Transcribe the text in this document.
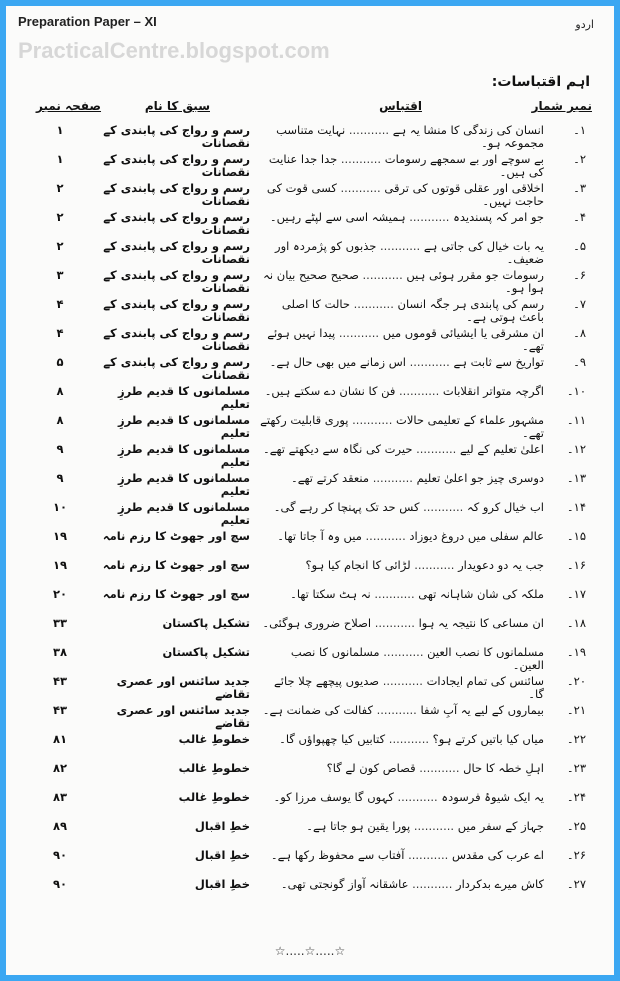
Preparation Paper – XI	اردو
PracticalCentre.blogspot.com
اہم اقتباسات:
نمبر شمار
اقتباس
سبق کا نام
صفحہ نمبر
۱۔
انسان کی زندگی کا منشا یہ ہے ........... نہایت متناسب مجموعہ ہو۔
رسم و رواج کی پابندی کے نقصانات
۱
۲۔
بے سوچے اور بے سمجھے رسومات ........... جدا جدا عنایت کی ہیں۔
رسم و رواج کی پابندی کے نقصانات
۱
۳۔
اخلاقی اور عقلی قوتوں کی ترقی ........... کسی قوت کی حاجت نہیں۔
رسم و رواج کی پابندی کے نقصانات
۲
۴۔
جو امر کہ پسندیدہ ........... ہمیشہ اسی سے لپٹے رہیں۔
رسم و رواج کی پابندی کے نقصانات
۲
۵۔
یہ بات خیال کی جاتی ہے ........... جذبوں کو پژمردہ اور ضعیف۔
رسم و رواج کی پابندی کے نقصانات
۲
۶۔
رسومات جو مقرر ہوئی ہیں ........... صحیح صحیح بیان نہ ہوا ہو۔
رسم و رواج کی پابندی کے نقصانات
۳
۷۔
رسم کی پابندی ہر جگہ انسان ........... حالت کا اصلی باعث ہوتی ہے۔
رسم و رواج کی پابندی کے نقصانات
۴
۸۔
ان مشرقی یا ایشیائی قوموں میں ........... پیدا نہیں ہوئے تھے۔
رسم و رواج کی پابندی کے نقصانات
۴
۹۔
تواریخ سے ثابت ہے ........... اس زمانے میں بھی حال ہے۔
رسم و رواج کی پابندی کے نقصانات
۵
۱۰۔
اگرچہ متواتر انقلابات ........... فن کا نشان دے سکتے ہیں۔
مسلمانوں کا قدیم طرزِ تعلیم
۸
۱۱۔
مشہور علماء کے تعلیمی حالات ........... پوری قابلیت رکھتے تھے۔
مسلمانوں کا قدیم طرزِ تعلیم
۸
۱۲۔
اعلیٰ تعلیم کے لیے ........... حیرت کی نگاہ سے دیکھتے تھے۔
مسلمانوں کا قدیم طرزِ تعلیم
۹
۱۳۔
دوسری چیز جو اعلیٰ تعلیم ........... منعقد کرتے تھے۔
مسلمانوں کا قدیم طرزِ تعلیم
۹
۱۴۔
اب خیال کرو کہ ........... کس حد تک پہنچا کر رہے گی۔
مسلمانوں کا قدیم طرزِ تعلیم
۱۰
۱۵۔
عالم سفلی میں دروغ دیوزاد ........... میں وہ آ جاتا تھا۔
سچ اور جھوٹ کا رزم نامہ
۱۹
۱۶۔
جب یہ دو دعویدار ........... لڑائی کا انجام کیا ہو؟
سچ اور جھوٹ کا رزم نامہ
۱۹
۱۷۔
ملکہ کی شان شاہانہ تھی ........... نہ ہٹ سکتا تھا۔
سچ اور جھوٹ کا رزم نامہ
۲۰
۱۸۔
ان مساعی کا نتیجہ یہ ہوا ........... اصلاح ضروری ہوگئی۔
تشکیل پاکستان
۳۳
۱۹۔
مسلمانوں کا نصب العین ........... مسلمانوں کا نصب العین۔
تشکیل پاکستان
۳۸
۲۰۔
سائنس کی تمام ایجادات ........... صدیوں پیچھے چلا جائے گا۔
جدید سائنس اور عصری تقاضے
۴۳
۲۱۔
بیماروں کے لیے یہ آبِ شفا ........... کفالت کی ضمانت ہے۔
جدید سائنس اور عصری تقاضے
۴۳
۲۲۔
میاں کیا باتیں کرتے ہو؟ ........... کتابیں کیا چھپواؤں گا۔
خطوطِ غالب
۸۱
۲۳۔
اہلِ خطہ کا حال ........... قصاص کون لے گا؟
خطوطِ غالب
۸۲
۲۴۔
یہ ایک شیوۂ فرسودہ ........... کہوں گا یوسف مرزا کو۔
خطوطِ غالب
۸۳
۲۵۔
جہاز کے سفر میں ........... پورا یقین ہو جاتا ہے۔
خطِ اقبال
۸۹
۲۶۔
اے عرب کی مقدس ........... آفتاب سے محفوظ رکھا ہے۔
خطِ اقبال
۹۰
۲۷۔
کاش میرے بدکردار ........... عاشقانہ آواز گونجتی تھی۔
خطِ اقبال
۹۰
☆.....☆.....☆
